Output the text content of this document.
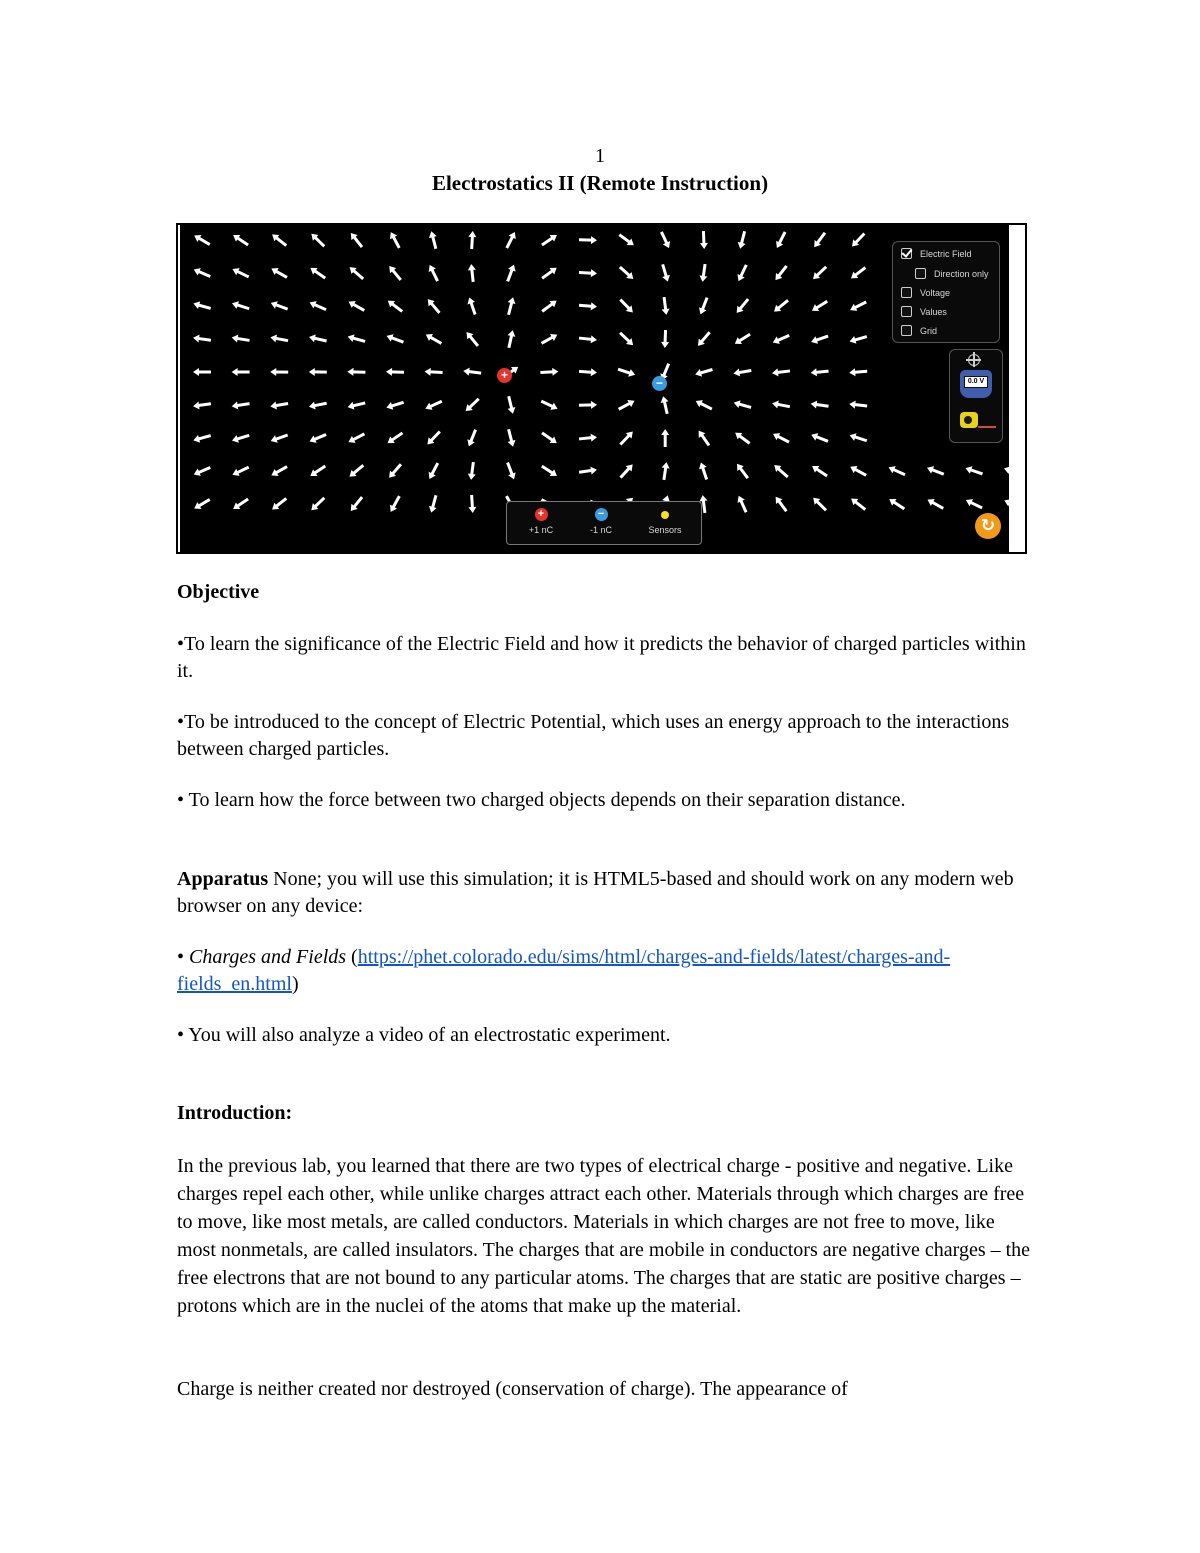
1
Electrostatics II (Remote Instruction)
+
−
Electric Field
Direction only
Voltage
Values
Grid
0.0 V
+
+1 nC
−
-1 nC	Sensors	↻

Objective

•To learn the significance of the Electric Field and how it predicts the behavior of charged particles within it.

•To be introduced to the concept of Electric Potential, which uses an energy approach to the interactions between charged particles.

• To learn how the force between two charged objects depends on their separation distance.

Apparatus None; you will use this simulation; it is HTML5-based and should work on any modern web browser on any device:

• Charges and Fields (https://phet.colorado.edu/sims/html/charges-and-fields/latest/charges-and-fields_en.html)

• You will also analyze a video of an electrostatic experiment.

Introduction:

In the previous lab, you learned that there are two types of electrical charge - positive and negative. Like charges repel each other, while unlike charges attract each other. Materials through which charges are free to move, like most metals, are called conductors. Materials in which charges are not free to move, like most nonmetals, are called insulators. The charges that are mobile in conductors are negative charges – the free electrons that are not bound to any particular atoms. The charges that are static are positive charges – protons which are in the nuclei of the atoms that make up the material.

Charge is neither created nor destroyed (conservation of charge). The appearance of
